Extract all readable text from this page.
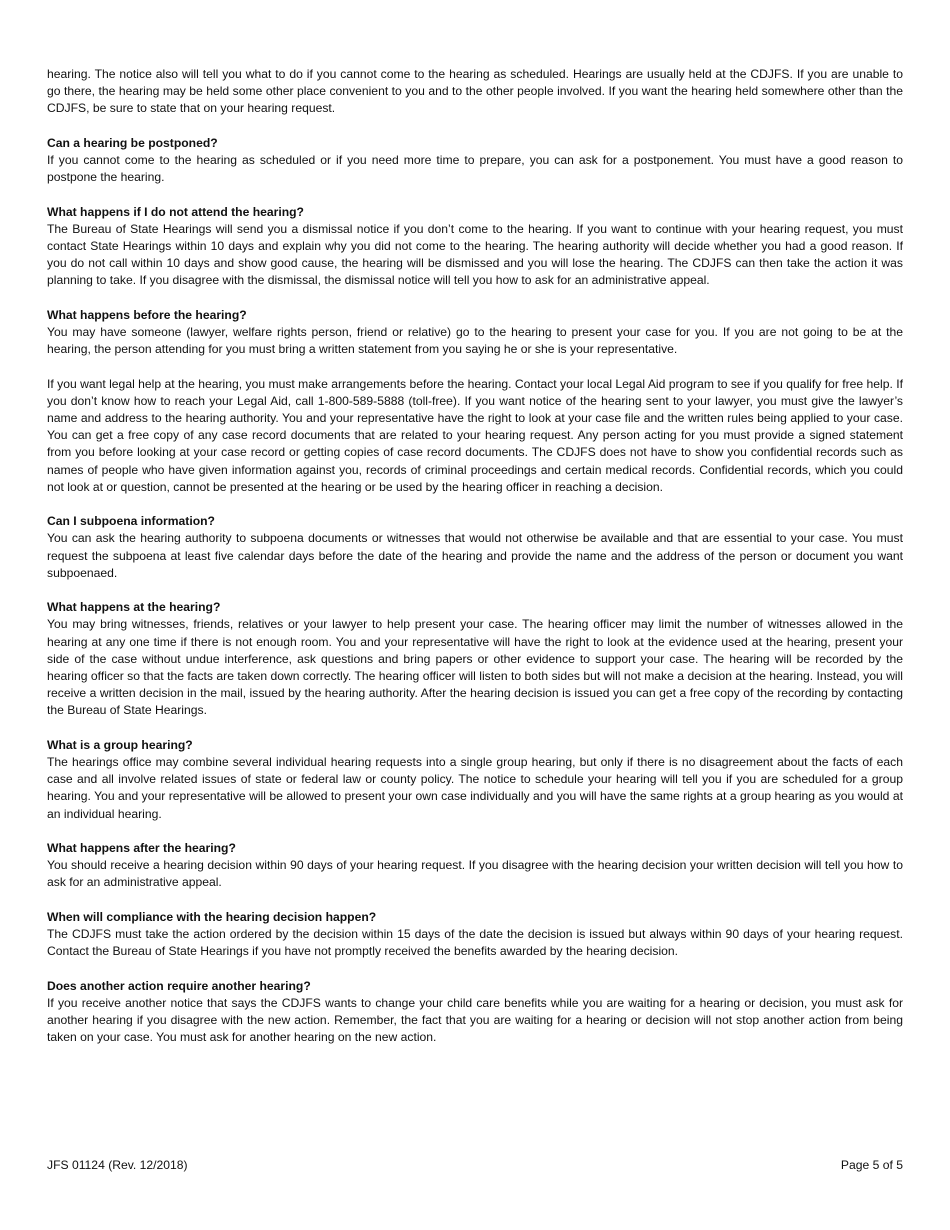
hearing. The notice also will tell you what to do if you cannot come to the hearing as scheduled. Hearings are usually held at the CDJFS. If you are unable to go there, the hearing may be held some other place convenient to you and to the other people involved. If you want the hearing held somewhere other than the CDJFS, be sure to state that on your hearing request.

Can a hearing be postponed?

If you cannot come to the hearing as scheduled or if you need more time to prepare, you can ask for a postponement. You must have a good reason to postpone the hearing.

What happens if I do not attend the hearing?

The Bureau of State Hearings will send you a dismissal notice if you don’t come to the hearing. If you want to continue with your hearing request, you must contact State Hearings within 10 days and explain why you did not come to the hearing. The hearing authority will decide whether you had a good reason. If you do not call within 10 days and show good cause, the hearing will be dismissed and you will lose the hearing. The CDJFS can then take the action it was planning to take. If you disagree with the dismissal, the dismissal notice will tell you how to ask for an administrative appeal.

What happens before the hearing?

You may have someone (lawyer, welfare rights person, friend or relative) go to the hearing to present your case for you. If you are not going to be at the hearing, the person attending for you must bring a written statement from you saying he or she is your representative.

If you want legal help at the hearing, you must make arrangements before the hearing. Contact your local Legal Aid program to see if you qualify for free help. If you don’t know how to reach your Legal Aid, call 1-800-589-5888 (toll-free). If you want notice of the hearing sent to your lawyer, you must give the lawyer’s name and address to the hearing authority. You and your representative have the right to look at your case file and the written rules being applied to your case. You can get a free copy of any case record documents that are related to your hearing request. Any person acting for you must provide a signed statement from you before looking at your case record or getting copies of case record documents. The CDJFS does not have to show you confidential records such as names of people who have given information against you, records of criminal proceedings and certain medical records. Confidential records, which you could not look at or question, cannot be presented at the hearing or be used by the hearing officer in reaching a decision.

Can I subpoena information?

You can ask the hearing authority to subpoena documents or witnesses that would not otherwise be available and that are essential to your case. You must request the subpoena at least five calendar days before the date of the hearing and provide the name and the address of the person or document you want subpoenaed.

What happens at the hearing?

You may bring witnesses, friends, relatives or your lawyer to help present your case. The hearing officer may limit the number of witnesses allowed in the hearing at any one time if there is not enough room. You and your representative will have the right to look at the evidence used at the hearing, present your side of the case without undue interference, ask questions and bring papers or other evidence to support your case. The hearing will be recorded by the hearing officer so that the facts are taken down correctly. The hearing officer will listen to both sides but will not make a decision at the hearing. Instead, you will receive a written decision in the mail, issued by the hearing authority. After the hearing decision is issued you can get a free copy of the recording by contacting the Bureau of State Hearings.

What is a group hearing?

The hearings office may combine several individual hearing requests into a single group hearing, but only if there is no disagreement about the facts of each case and all involve related issues of state or federal law or county policy. The notice to schedule your hearing will tell you if you are scheduled for a group hearing. You and your representative will be allowed to present your own case individually and you will have the same rights at a group hearing as you would at an individual hearing.

What happens after the hearing?

You should receive a hearing decision within 90 days of your hearing request. If you disagree with the hearing decision your written decision will tell you how to ask for an administrative appeal.

When will compliance with the hearing decision happen?

The CDJFS must take the action ordered by the decision within 15 days of the date the decision is issued but always within 90 days of your hearing request. Contact the Bureau of State Hearings if you have not promptly received the benefits awarded by the hearing decision.

Does another action require another hearing?

If you receive another notice that says the CDJFS wants to change your child care benefits while you are waiting for a hearing or decision, you must ask for another hearing if you disagree with the new action. Remember, the fact that you are waiting for a hearing or decision will not stop another action from being taken on your case. You must ask for another hearing on the new action.

JFS 01124 (Rev. 12/2018)	Page 5 of 5
